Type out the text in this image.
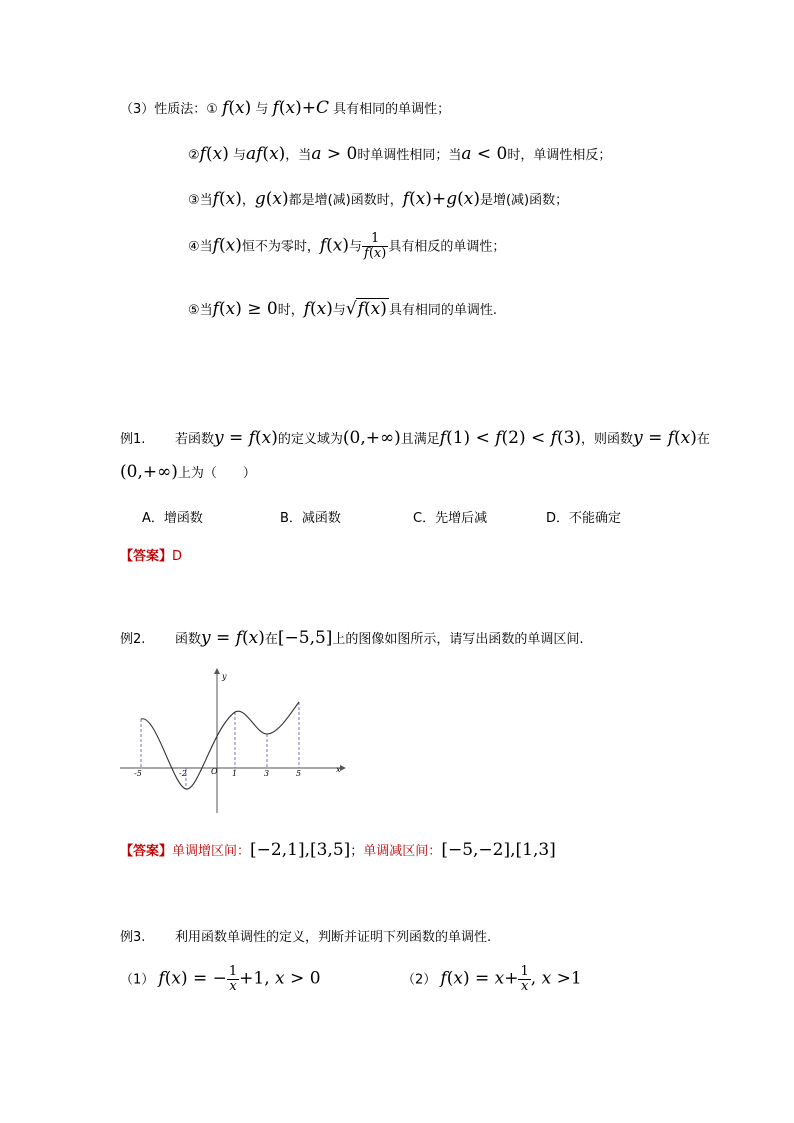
（3）性质法：① f(x) 与 f(x)+C 具有相同的单调性；
②f(x) 与af(x)，当a > 0时单调性相同；当a < 0时，单调性相反；
③当f(x)，g(x)都是增(减)函数时，f(x)+g(x)是增(减)函数；
④当f(x)恒不为零时，f(x)与 $\frac{1}{f(x)}$ 具有相反的单调性；
⑤当f(x) ≥ 0时，f(x)与√f(x) 具有相同的单调性.
例1. 若函数y = f(x)的定义域为(0,+∞)且满足f(1) < f(2) < f(3)，则函数y = f(x)在
(0,+∞)上为（　　）
A．增函数	B．减函数	C．先增后减	D．不能确定
【答案】D
例2. 函数y = f(x)在[−5,5]上的图像如图所示，请写出函数的单调区间.
y
x
O
-5	-2	1	3	5
【答案】单调增区间：[−2,1],[3,5]；单调减区间：[−5,−2],[1,3]
例3. 利用函数单调性的定义，判断并证明下列函数的单调性.
（1） f(x) = − $\frac{1}{x} +1$, x > 0	（2） $f(x) = x+ \frac{1}{x}$ , x >1
